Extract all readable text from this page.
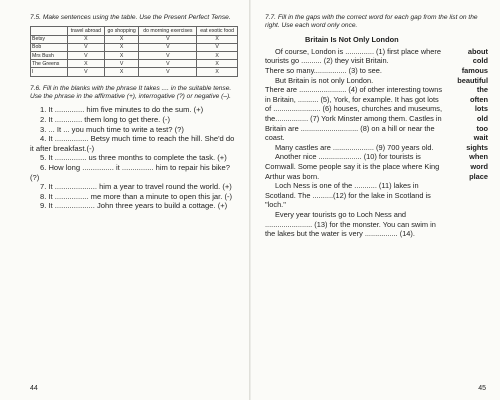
7.5. Make sentences using the table. Use the Present Perfect Tense.
	travel abroad	go shopping	do morning exercises	eat exotic food
Betsy	X	X	V	X
Bob	V	X	V	V
Mrs Bush	V	X	V	X
The Greens	X	V	V	X
I	V	X	V	X
7.6. Fill in the blanks with the phrase It takes .... in the suitable tense. Use the phrase in the affirmative (+), interrogative (?) or negative (–).

1. It .............. him five minutes to do the sum. (+)

2. It ............. them long to get there. (-)

3. ... It ... you much time to write a test? (?)

4. It ................ Betsy much time to reach the hill. She'd do it after breakfast.(-)

5. It ............... us three months to complete the task. (+)

6. How long ............... it ............... him to repair his bike? (?)

7. It .................... him a year to travel round the world. (+)

8. It ................ me more than a minute to open this jar. (-)

9. It ................... John three years to build a cottage. (+)

44
7.7. Fill in the gaps with the correct word for each gap from the list on the right. Use each word only once.
Britain Is Not Only London

Of course, London is .............. (1) first place where tourists go .......... (2) they visit Britain.

There so many................ (3) to see.

But Britain is not only London.

There are ....................... (4) of other interesting towns in Britain, .......... (5), York, for example. It has got lots of ....................... (6) houses, churches and museums, the................ (7) York Minster among them. Castles in Britain are ............................ (8) on a hill or near the coast.

Many castles are .................... (9) 700 years old.

Another nice ..................... (10) for tourists is Cornwall. Some people say it is the place where King Arthur was born.

Loch Ness is one of the ........... (11) lakes in Scotland. The ..........(12) for the lake in Scotland is "loch."

Every year tourists go to Loch Ness and ....................... (13) for the monster. You can swim in the lakes but the water is very ................ (14).

about
cold
famous
beautiful
the
often
lots
old
too
wait
sights
when
word
place
45
